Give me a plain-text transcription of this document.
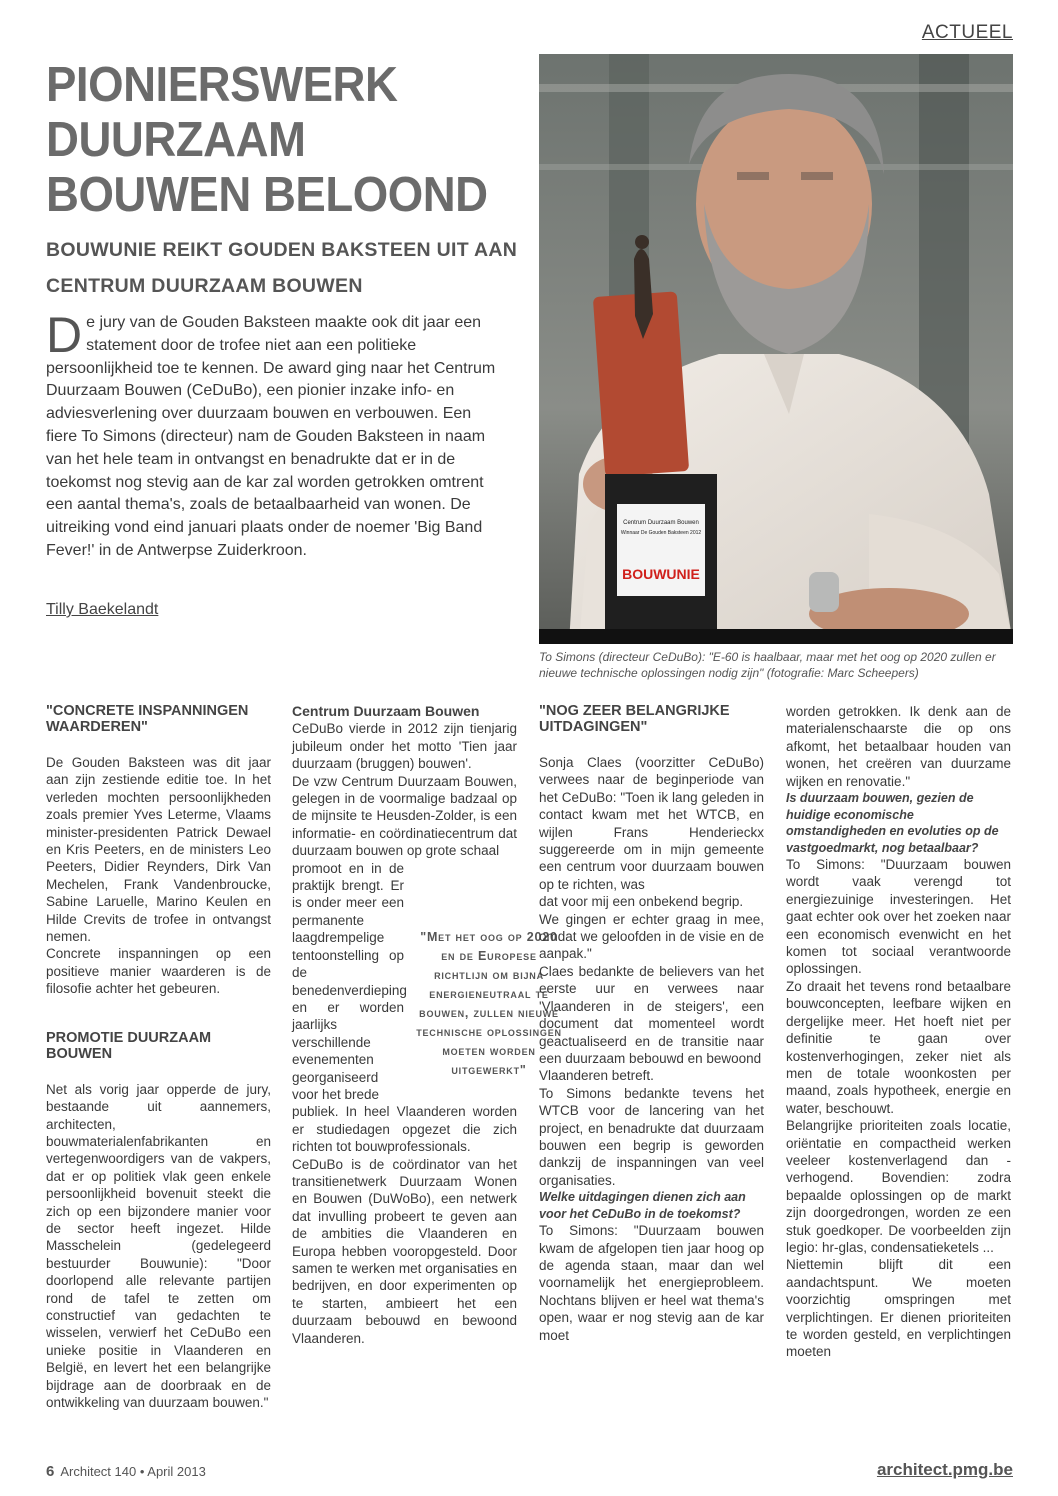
ACTUEEL
PIONIERSWERK DUURZAAM BOUWEN BELOOND
BOUWUNIE REIKT GOUDEN BAKSTEEN UIT AAN CENTRUM DUURZAAM BOUWEN
De jury van de Gouden Baksteen maakte ook dit jaar een statement door de trofee niet aan een politieke persoonlijkheid toe te kennen. De award ging naar het Centrum Duurzaam Bouwen (CeDuBo), een pionier inzake info- en adviesverlening over duurzaam bouwen en verbouwen. Een fiere To Simons (directeur) nam de Gouden Baksteen in naam van het hele team in ontvangst en benadrukte dat er in de toekomst nog stevig aan de kar zal worden getrokken omtrent een aantal thema's, zoals de betaalbaarheid van wonen. De uitreiking vond eind januari plaats onder de noemer 'Big Band Fever!' in de Antwerpse Zuiderkroon.
Tilly Baekelandt
Centrum Duurzaam Bouwen
Winnaar De Gouden Baksteen 2012
BOUWUNIE
To Simons (directeur CeDuBo): "E-60 is haalbaar, maar met het oog op 2020 zullen er nieuwe technische oplossingen nodig zijn" (fotografie: Marc Scheepers)
"CONCRETE INSPANNINGEN WAARDEREN"

De Gouden Baksteen was dit jaar aan zijn zestiende editie toe. In het verleden mochten persoonlijkheden zoals premier Yves Leterme, Vlaams minister-presidenten Patrick Dewael en Kris Peeters, en de ministers Leo Peeters, Didier Reynders, Dirk Van Mechelen, Frank Vandenbroucke, Sabine Laruelle, Marino Keulen en Hilde Crevits de trofee in ontvangst nemen.

Concrete inspanningen op een positieve manier waarderen is de filosofie achter het gebeuren.

PROMOTIE DUURZAAM BOUWEN

Net als vorig jaar opperde de jury, bestaande uit aannemers, architecten, bouwmaterialenfabrikanten en vertegenwoordigers van de vakpers, dat er op politiek vlak geen enkele persoonlijkheid bovenuit steekt die zich op een bijzondere manier voor de sector heeft ingezet. Hilde Masschelein (gedelegeerd bestuurder Bouwunie): "Door doorlopend alle relevante partijen rond de tafel te zetten om constructief van gedachten te wisselen, verwierf het CeDuBo een unieke positie in Vlaanderen en België, en levert het een belangrijke bijdrage aan de doorbraak en de ontwikkeling van duurzaam bouwen."

Centrum Duurzaam Bouwen

CeDuBo vierde in 2012 zijn tienjarig jubileum onder het motto 'Tien jaar duurzaam (bruggen) bouwen'.

De vzw Centrum Duurzaam Bouwen, gelegen in de voormalige badzaal op de mijnsite te Heusden-Zolder, is een informatie- en coördinatiecentrum dat duurzaam bouwen op grote schaal

promoot en in de praktijk brengt. Er is onder meer een permanente laagdrempelige tentoonstelling op de benedenverdieping en er worden jaarlijks verschillende evenementen georganiseerd voor het brede

publiek. In heel Vlaanderen worden er studiedagen opgezet die zich richten tot bouwprofessionals.

CeDuBo is de coördinator van het transitienetwerk Duurzaam Wonen en Bouwen (DuWoBo), een netwerk dat invulling probeert te geven aan de ambities die Vlaanderen en Europa hebben vooropgesteld. Door samen te werken met organisaties en bedrijven, en door experimenten op te starten, ambieert het een duurzaam bebouwd en bewoond Vlaanderen.

"Met het oog op 2020 en de Europese richtlijn om bijna energieneutraal te bouwen, zullen nieuwe technische oplossingen moeten worden uitgewerkt"
"NOG ZEER BELANGRIJKE UITDAGINGEN"

Sonja Claes (voorzitter CeDuBo) verwees naar de beginperiode van het CeDuBo: "Toen ik lang geleden in contact kwam met het WTCB, en wijlen Frans Henderieckx suggereerde om in mijn gemeente een centrum voor duurzaam bouwen op te richten, was

dat voor mij een onbekend begrip.

We gingen er echter graag in mee, omdat we geloofden in de visie en de aanpak."

Claes bedankte de believers van het eerste uur en verwees naar 'Vlaanderen in de steigers', een document dat momenteel wordt geactualiseerd en de transitie naar een duurzaam bebouwd en bewoond

Vlaanderen betreft.

To Simons bedankte tevens het WTCB voor de lancering van het project, en benadrukte dat duurzaam bouwen een begrip is geworden dankzij de inspanningen van veel organisaties.

Welke uitdagingen dienen zich aan voor het CeDuBo in de toekomst?

To Simons: "Duurzaam bouwen kwam de afgelopen tien jaar hoog op de agenda staan, maar dan wel voornamelijk het energieprobleem. Nochtans blijven er heel wat thema's open, waar er nog stevig aan de kar moet

worden getrokken. Ik denk aan de materialenschaarste die op ons afkomt, het betaalbaar houden van wonen, het creëren van duurzame wijken en renovatie."

Is duurzaam bouwen, gezien de huidige economische omstandigheden en evoluties op de vastgoedmarkt, nog betaalbaar?

To Simons: "Duurzaam bouwen wordt vaak verengd tot energiezuinige investeringen. Het gaat echter ook over het zoeken naar een economisch evenwicht en het komen tot sociaal verantwoorde oplossingen.

Zo draait het tevens rond betaalbare bouwconcepten, leefbare wijken en dergelijke meer. Het hoeft niet per definitie te gaan over kostenverhogingen, zeker niet als men de totale woonkosten per maand, zoals hypotheek, energie en water, beschouwt.

Belangrijke prioriteiten zoals locatie, oriëntatie en compactheid werken veeleer kostenverlagend dan -verhogend. Bovendien: zodra bepaalde oplossingen op de markt zijn doorgedrongen, worden ze een stuk goedkoper. De voorbeelden zijn legio: hr-glas, condensatieketels ...

Niettemin blijft dit een aandachtspunt. We moeten voorzichtig omspringen met verplichtingen. Er dienen prioriteiten te worden gesteld, en verplichtingen moeten

6 Architect 140 • April 2013	architect.pmg.be
